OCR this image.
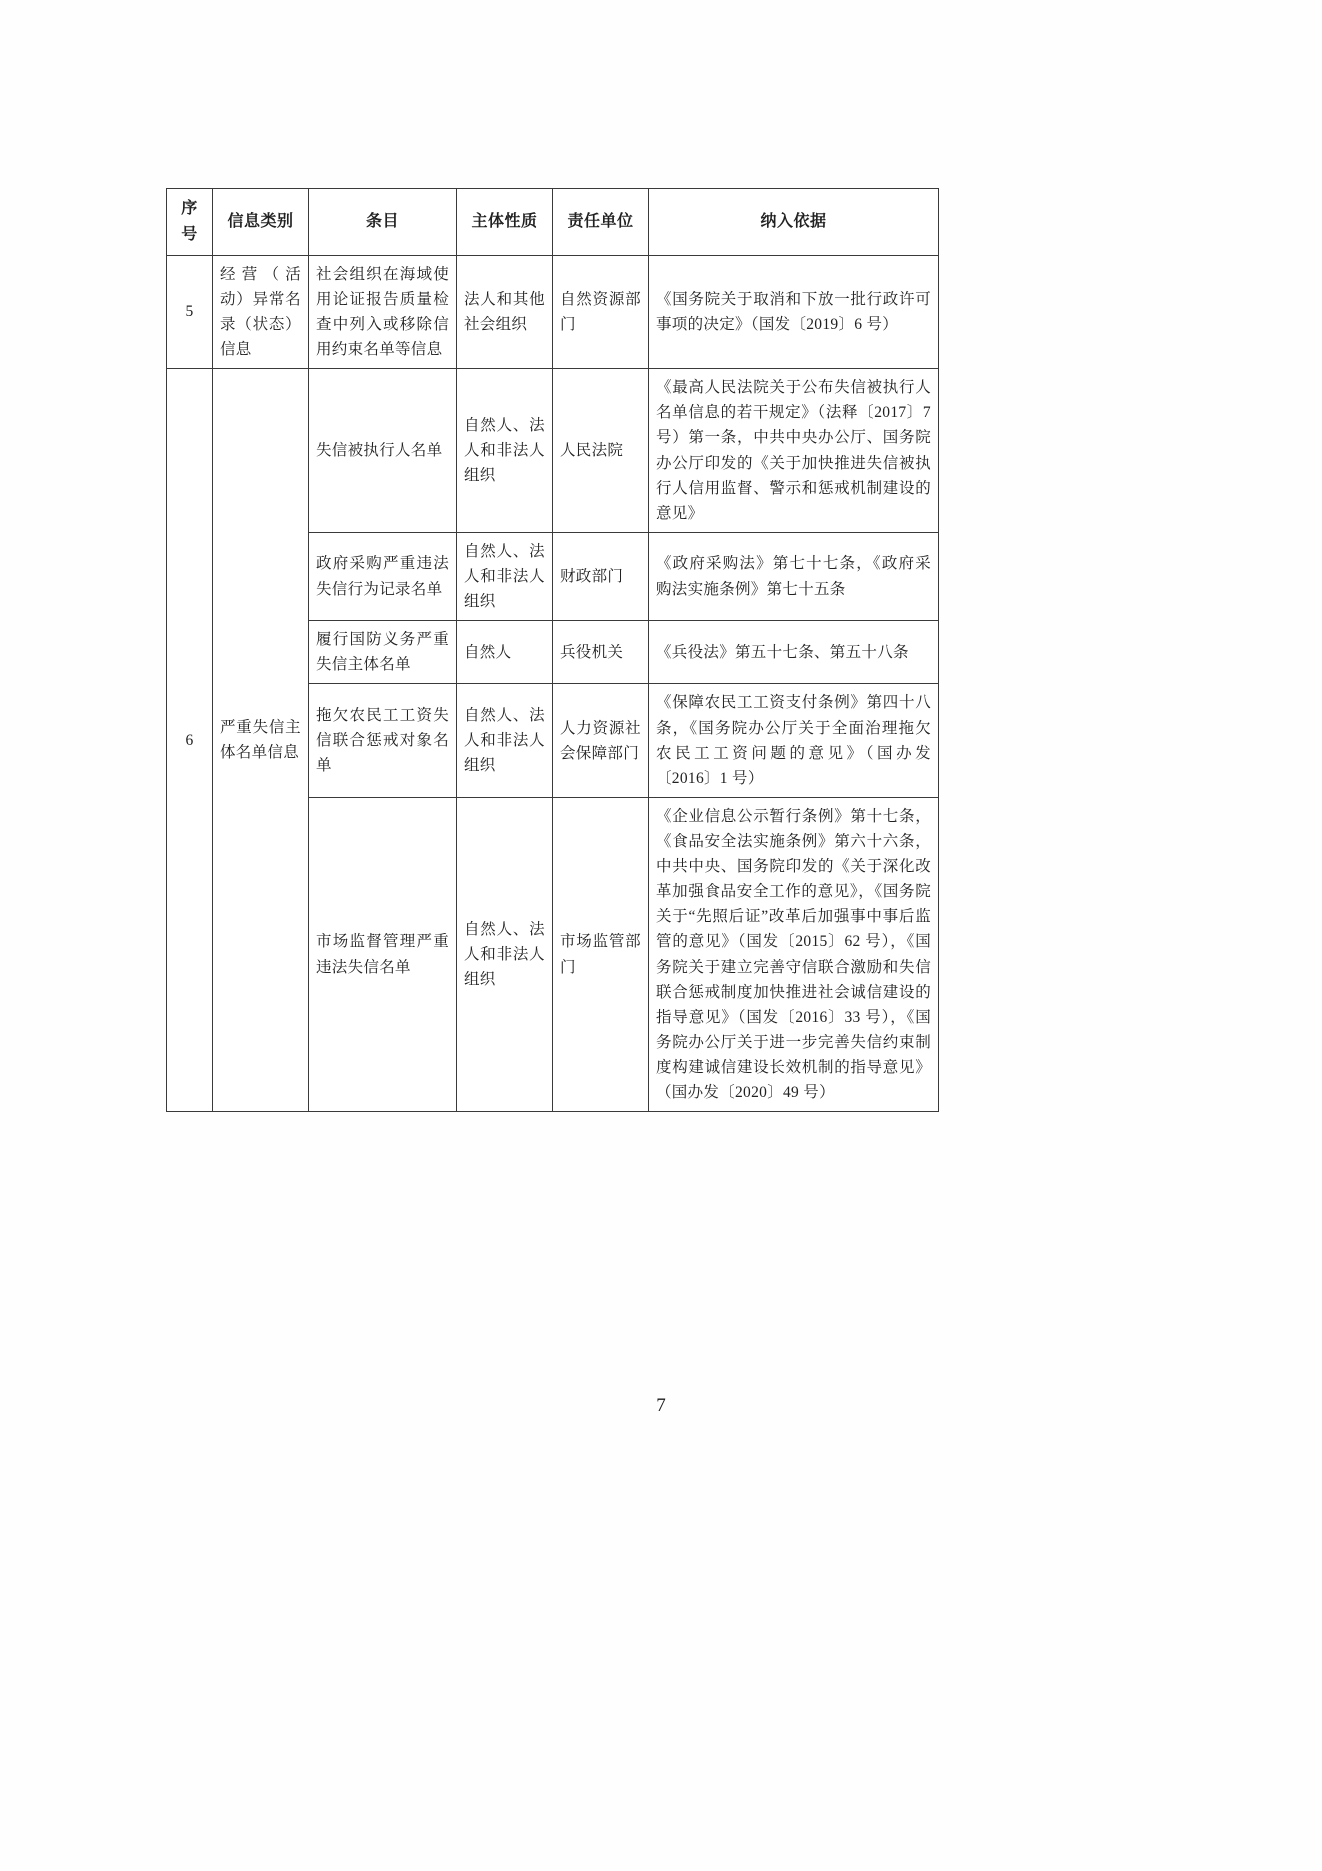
序
号	信息类别	条目	主体性质	责任单位	纳入依据
5	经营（活动）异常名录（状态）信息	社会组织在海域使用论证报告质量检查中列入或移除信用约束名单等信息	法人和其他社会组织	自然资源部门	《国务院关于取消和下放一批行政许可事项的决定》（国发〔2019〕6 号）
6	严重失信主体名单信息	失信被执行人名单	自然人、法人和非法人组织	人民法院	《最高人民法院关于公布失信被执行人名单信息的若干规定》（法释〔2017〕7 号）第一条，中共中央办公厅、国务院办公厅印发的《关于加快推进失信被执行人信用监督、警示和惩戒机制建设的意见》
		政府采购严重违法失信行为记录名单	自然人、法人和非法人组织	财政部门	《政府采购法》第七十七条，《政府采购法实施条例》第七十五条
		履行国防义务严重失信主体名单	自然人	兵役机关	《兵役法》第五十七条、第五十八条
		拖欠农民工工资失信联合惩戒对象名单	自然人、法人和非法人组织	人力资源社会保障部门	《保障农民工工资支付条例》第四十八条，《国务院办公厅关于全面治理拖欠农民工工资问题的意见》（国办发〔2016〕1 号）
		市场监督管理严重违法失信名单	自然人、法人和非法人组织	市场监管部门	《企业信息公示暂行条例》第十七条，《食品安全法实施条例》第六十六条，中共中央、国务院印发的《关于深化改革加强食品安全工作的意见》，《国务院关于“先照后证”改革后加强事中事后监管的意见》（国发〔2015〕62 号），《国务院关于建立完善守信联合激励和失信联合惩戒制度加快推进社会诚信建设的指导意见》（国发〔2016〕33 号），《国务院办公厅关于进一步完善失信约束制度构建诚信建设长效机制的指导意见》（国办发〔2020〕49 号）
7
